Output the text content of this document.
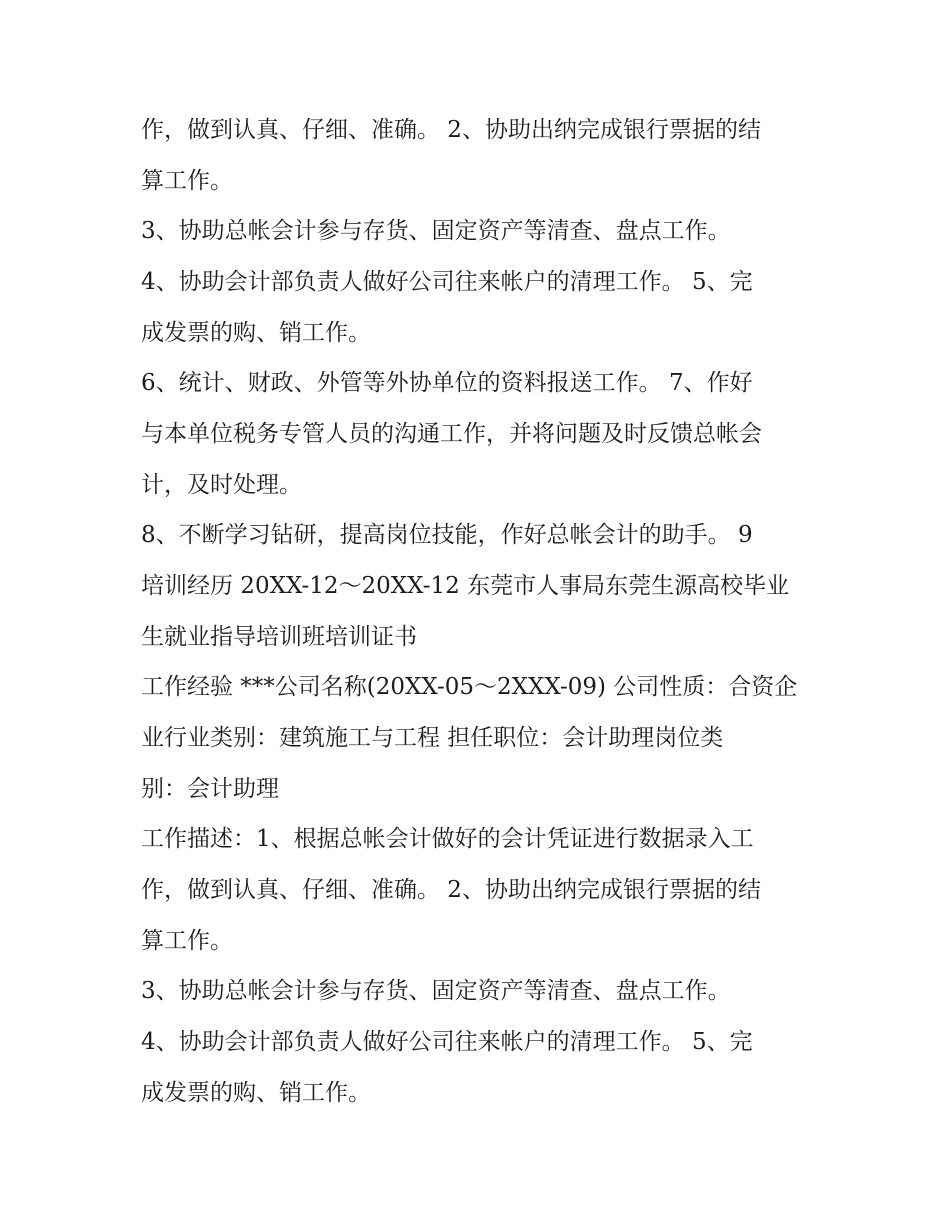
作，做到认真、仔细、准确。 2、协助出纳完成银行票据的结

算工作。

3、协助总帐会计参与存货、固定资产等清查、盘点工作。

4、协助会计部负责人做好公司往来帐户的清理工作。 5、完

成发票的购、销工作。

6、统计、财政、外管等外协单位的资料报送工作。 7、作好

与本单位税务专管人员的沟通工作，并将问题及时反馈总帐会

计，及时处理。

8、不断学习钻研，提高岗位技能，作好总帐会计的助手。 9

培训经历 20XX-12～20XX-12 东莞市人事局东莞生源高校毕业

生就业指导培训班培训证书

工作经验 ***公司名称(20XX-05～2XXX-09) 公司性质：合资企

业行业类别：建筑施工与工程 担任职位：会计助理岗位类

别：会计助理

工作描述：1、根据总帐会计做好的会计凭证进行数据录入工

作，做到认真、仔细、准确。 2、协助出纳完成银行票据的结

算工作。

3、协助总帐会计参与存货、固定资产等清查、盘点工作。

4、协助会计部负责人做好公司往来帐户的清理工作。 5、完

成发票的购、销工作。
